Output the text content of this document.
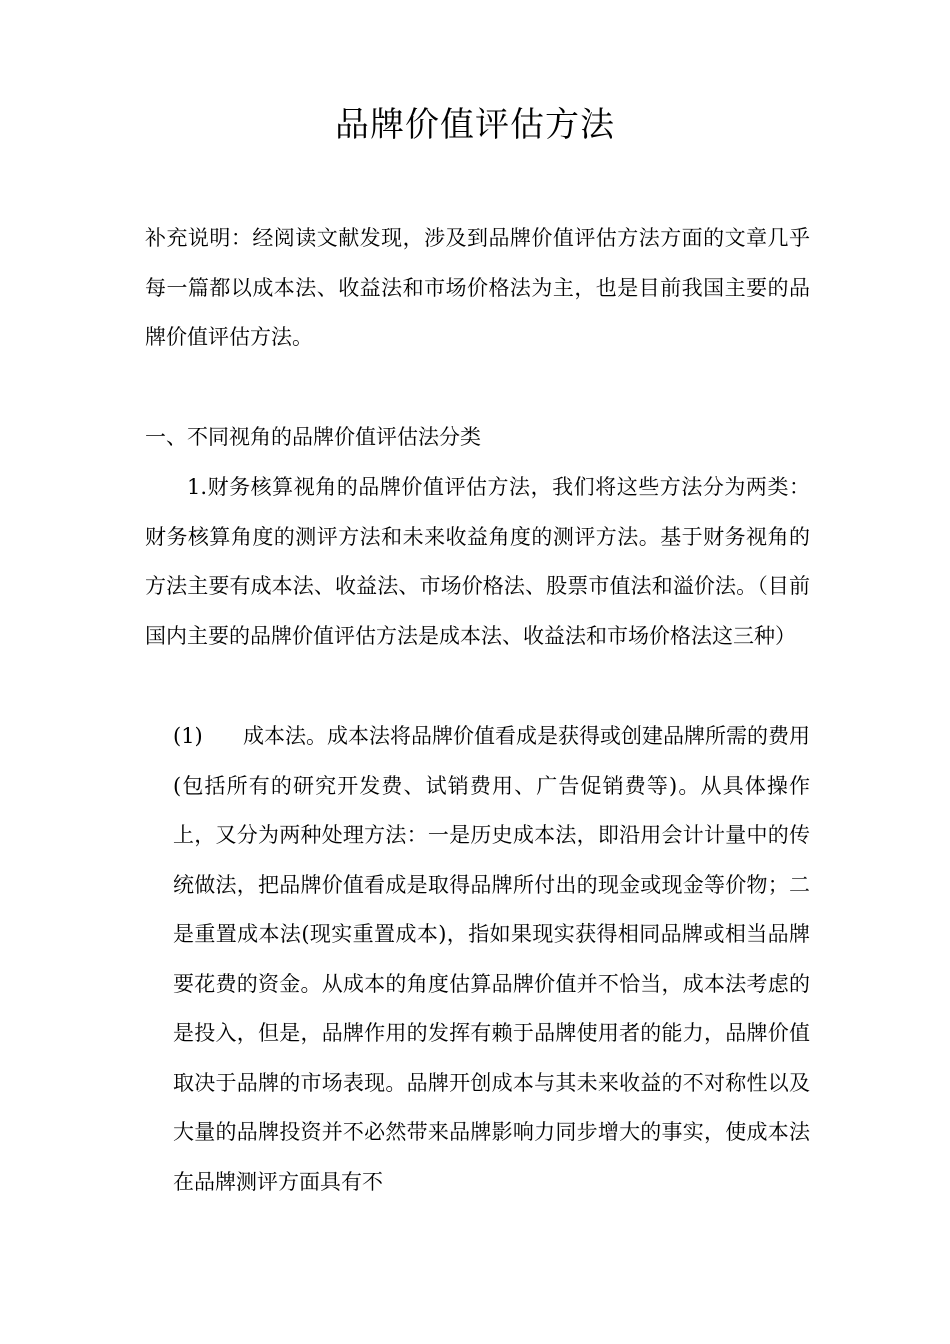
品牌价值评估方法

补充说明：经阅读文献发现，涉及到品牌价值评估方法方面的文章几乎每一篇都以成本法、收益法和市场价格法为主，也是目前我国主要的品牌价值评估方法。

一、不同视角的品牌价值评估法分类

1.财务核算视角的品牌价值评估方法，我们将这些方法分为两类：财务核算角度的测评方法和未来收益角度的测评方法。基于财务视角的方法主要有成本法、收益法、市场价格法、股票市值法和溢价法。（目前国内主要的品牌价值评估方法是成本法、收益法和市场价格法这三种）

(1) 成本法。成本法将品牌价值看成是获得或创建品牌所需的费用(包括所有的研究开发费、试销费用、广告促销费等)。从具体操作上，又分为两种处理方法：一是历史成本法，即沿用会计计量中的传统做法，把品牌价值看成是取得品牌所付出的现金或现金等价物；二是重置成本法(现实重置成本)，指如果现实获得相同品牌或相当品牌要花费的资金。从成本的角度估算品牌价值并不恰当，成本法考虑的是投入，但是，品牌作用的发挥有赖于品牌使用者的能力，品牌价值取决于品牌的市场表现。品牌开创成本与其未来收益的不对称性以及大量的品牌投资并不必然带来品牌影响力同步增大的事实，使成本法在品牌测评方面具有不
